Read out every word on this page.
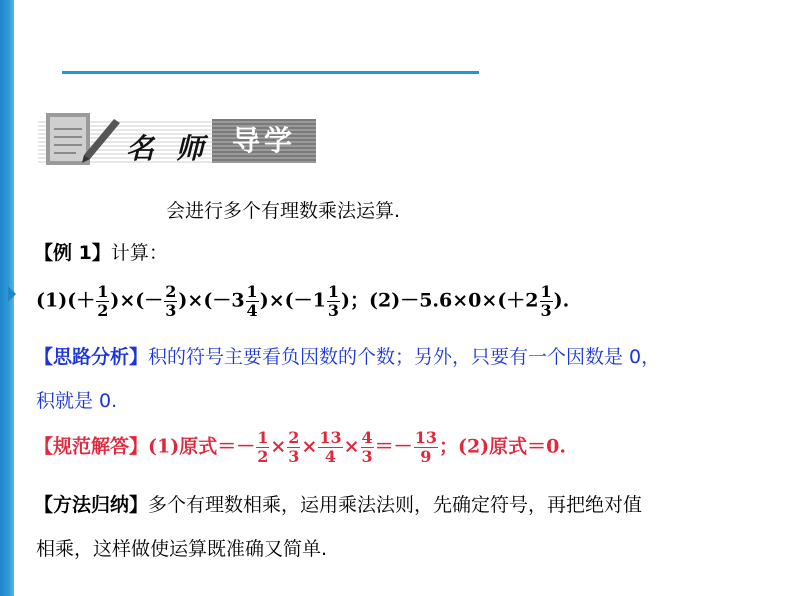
名 师 导学
会进行多个有理数乘法运算.
【例 1】计算：
$(1)(+ \frac{1}{2}$ )×(－ $\frac{2}{3} )\times(-3 \frac{1}{4} )\times(-1 \frac{1}{3}$ )；$(2)-5.6\times 0\times(+2 \frac{1}{3}$ ).
【思路分析】积的符号主要看负因数的个数；另外，只要有一个因数是 0，
积就是 0.
【规范解答】(1)原式＝－ $\frac{1}{2} \times \frac{2}{3} \times \frac{13}{4} \times \frac{4}{3} =- \frac{13}{9}$ ；(2)原式＝0.
【方法归纳】多个有理数相乘，运用乘法法则，先确定符号，再把绝对值
相乘，这样做使运算既准确又简单.
